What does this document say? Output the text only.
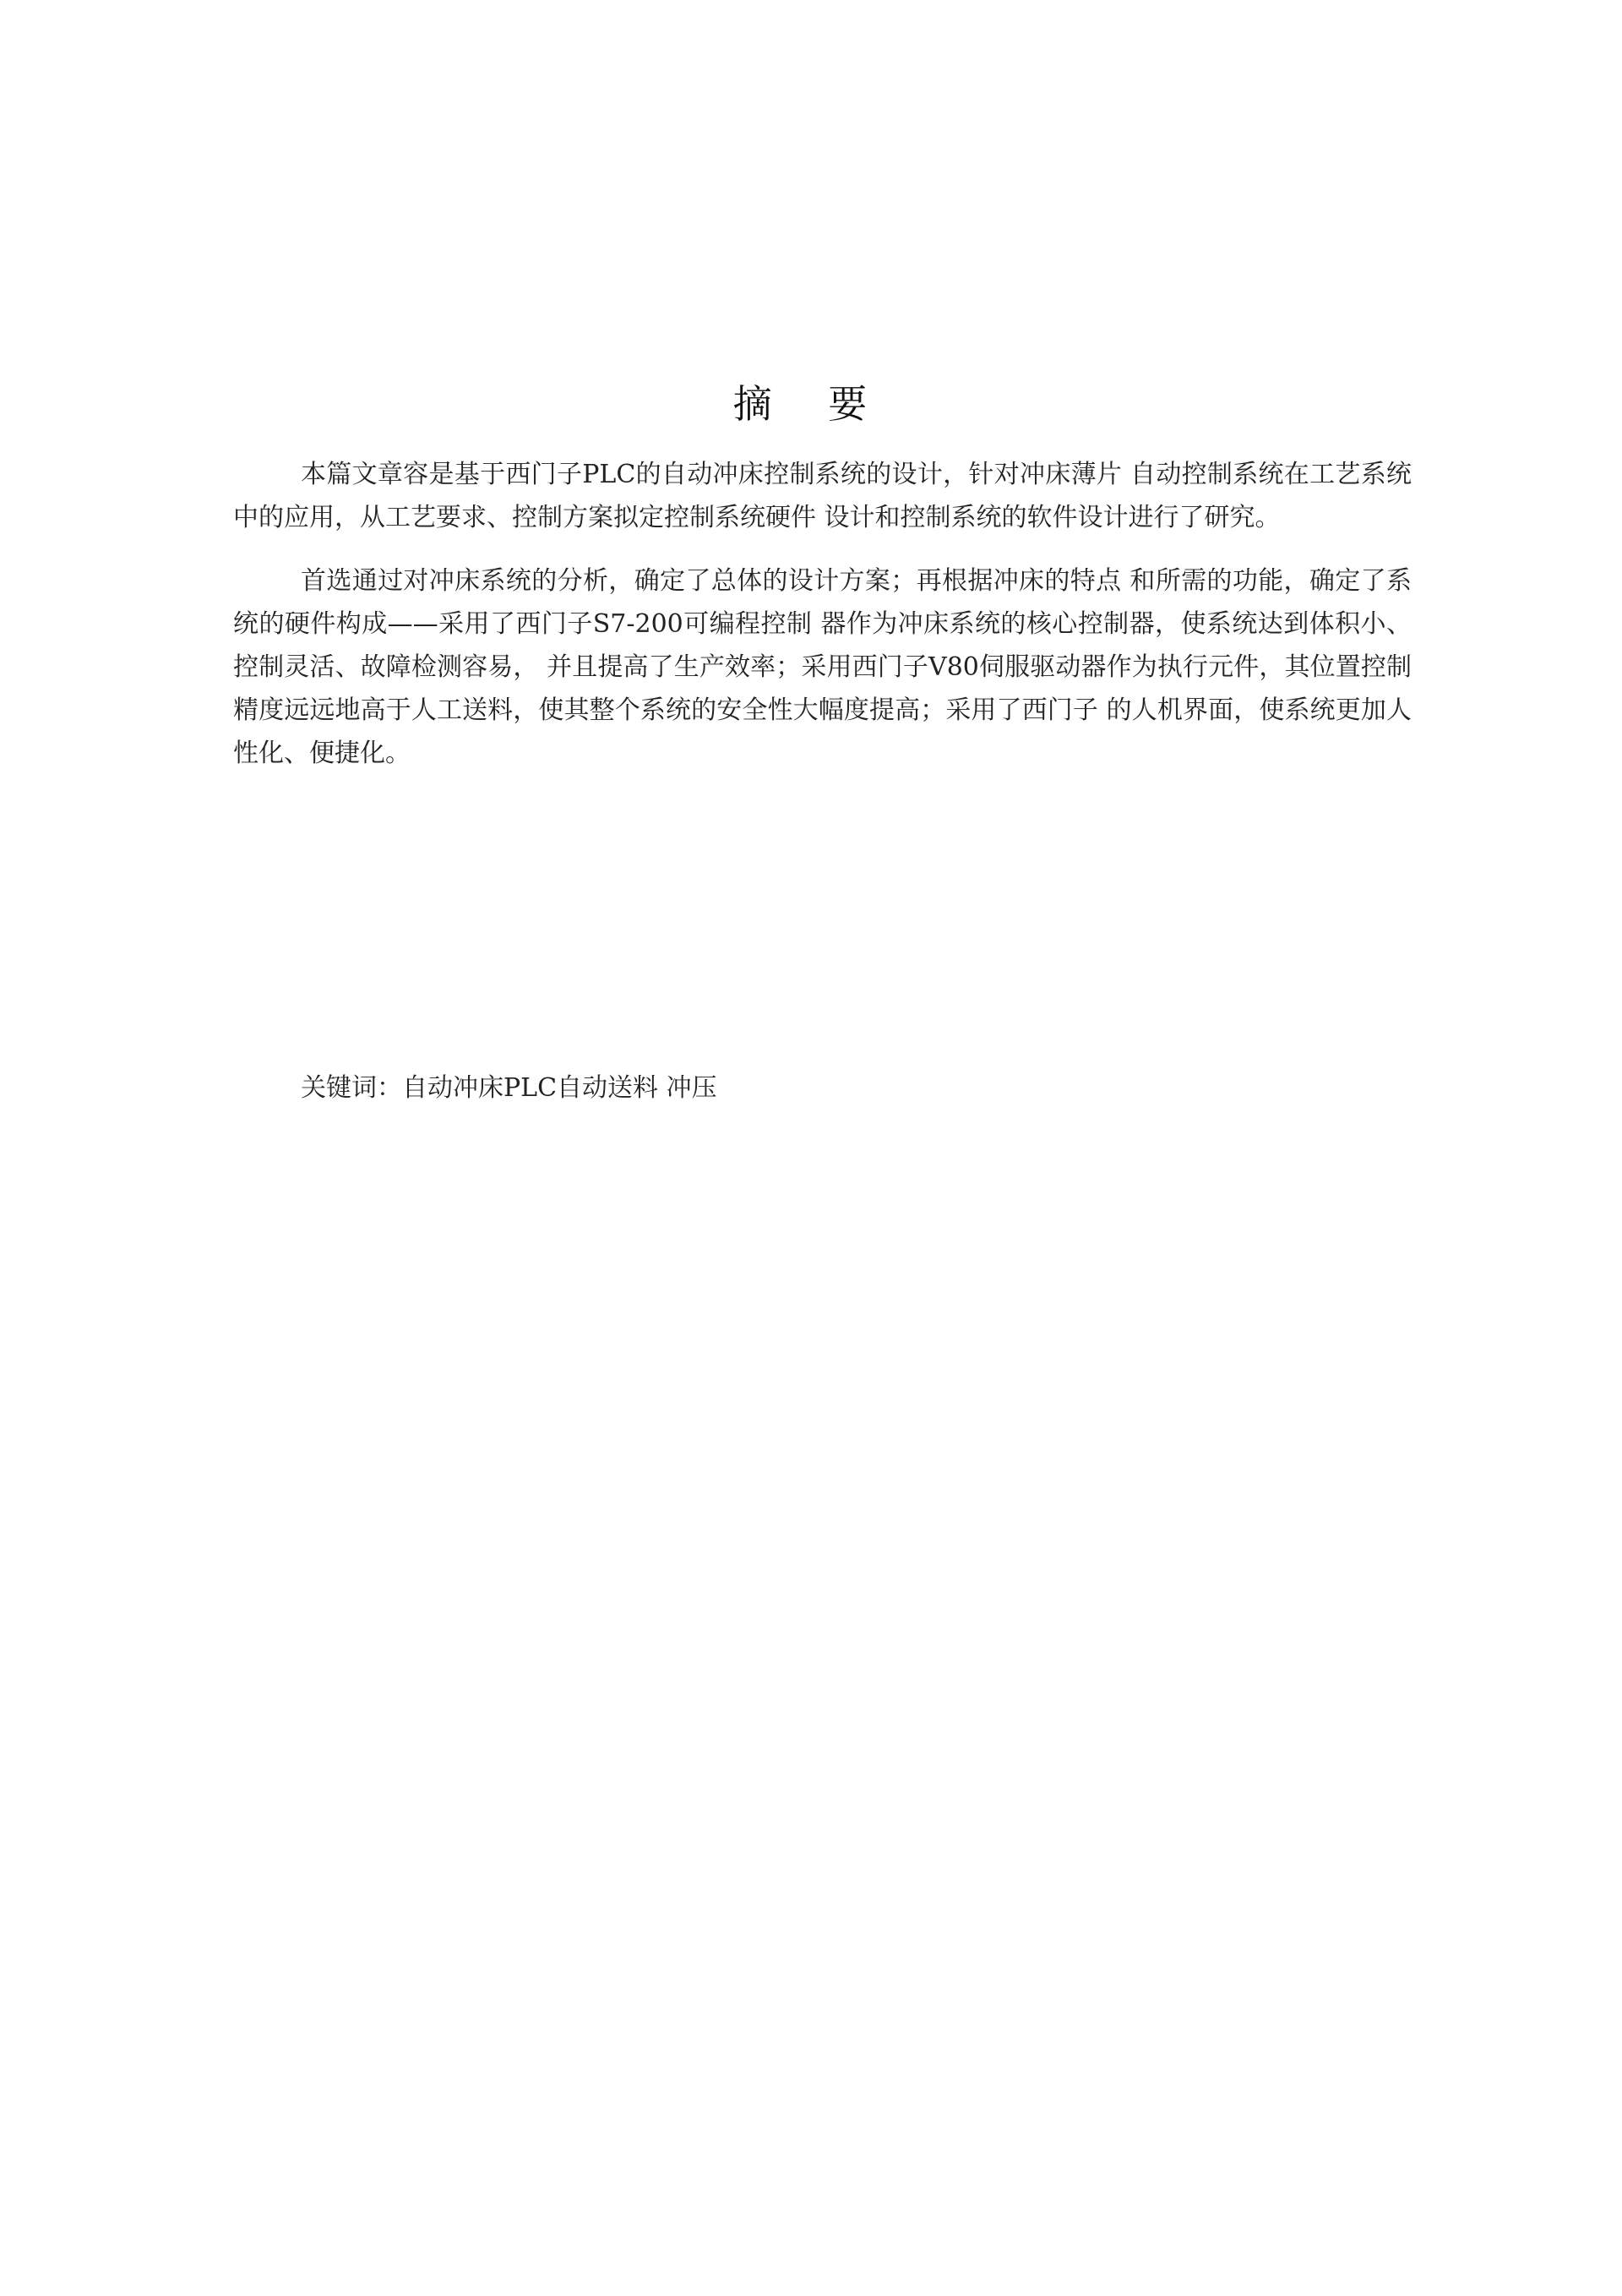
摘 要

本篇文章容是基于西门子PLC的自动冲床控制系统的设计，针对冲床薄片 自动控制系统在工艺系统中的应用，从工艺要求、控制方案拟定控制系统硬件 设计和控制系统的软件设计进行了研究。

首选通过对冲床系统的分析，确定了总体的设计方案；再根据冲床的特点 和所需的功能，确定了系统的硬件构成——采用了西门子S7-200可编程控制 器作为冲床系统的核心控制器，使系统达到体积小、控制灵活、故障检测容易， 并且提高了生产效率；采用西门子V80伺服驱动器作为执行元件，其位置控制 精度远远地高于人工送料，使其整个系统的安全性大幅度提高；采用了西门子 的人机界面，使系统更加人性化、便捷化。

关键词：自动冲床PLC自动送料 冲压
